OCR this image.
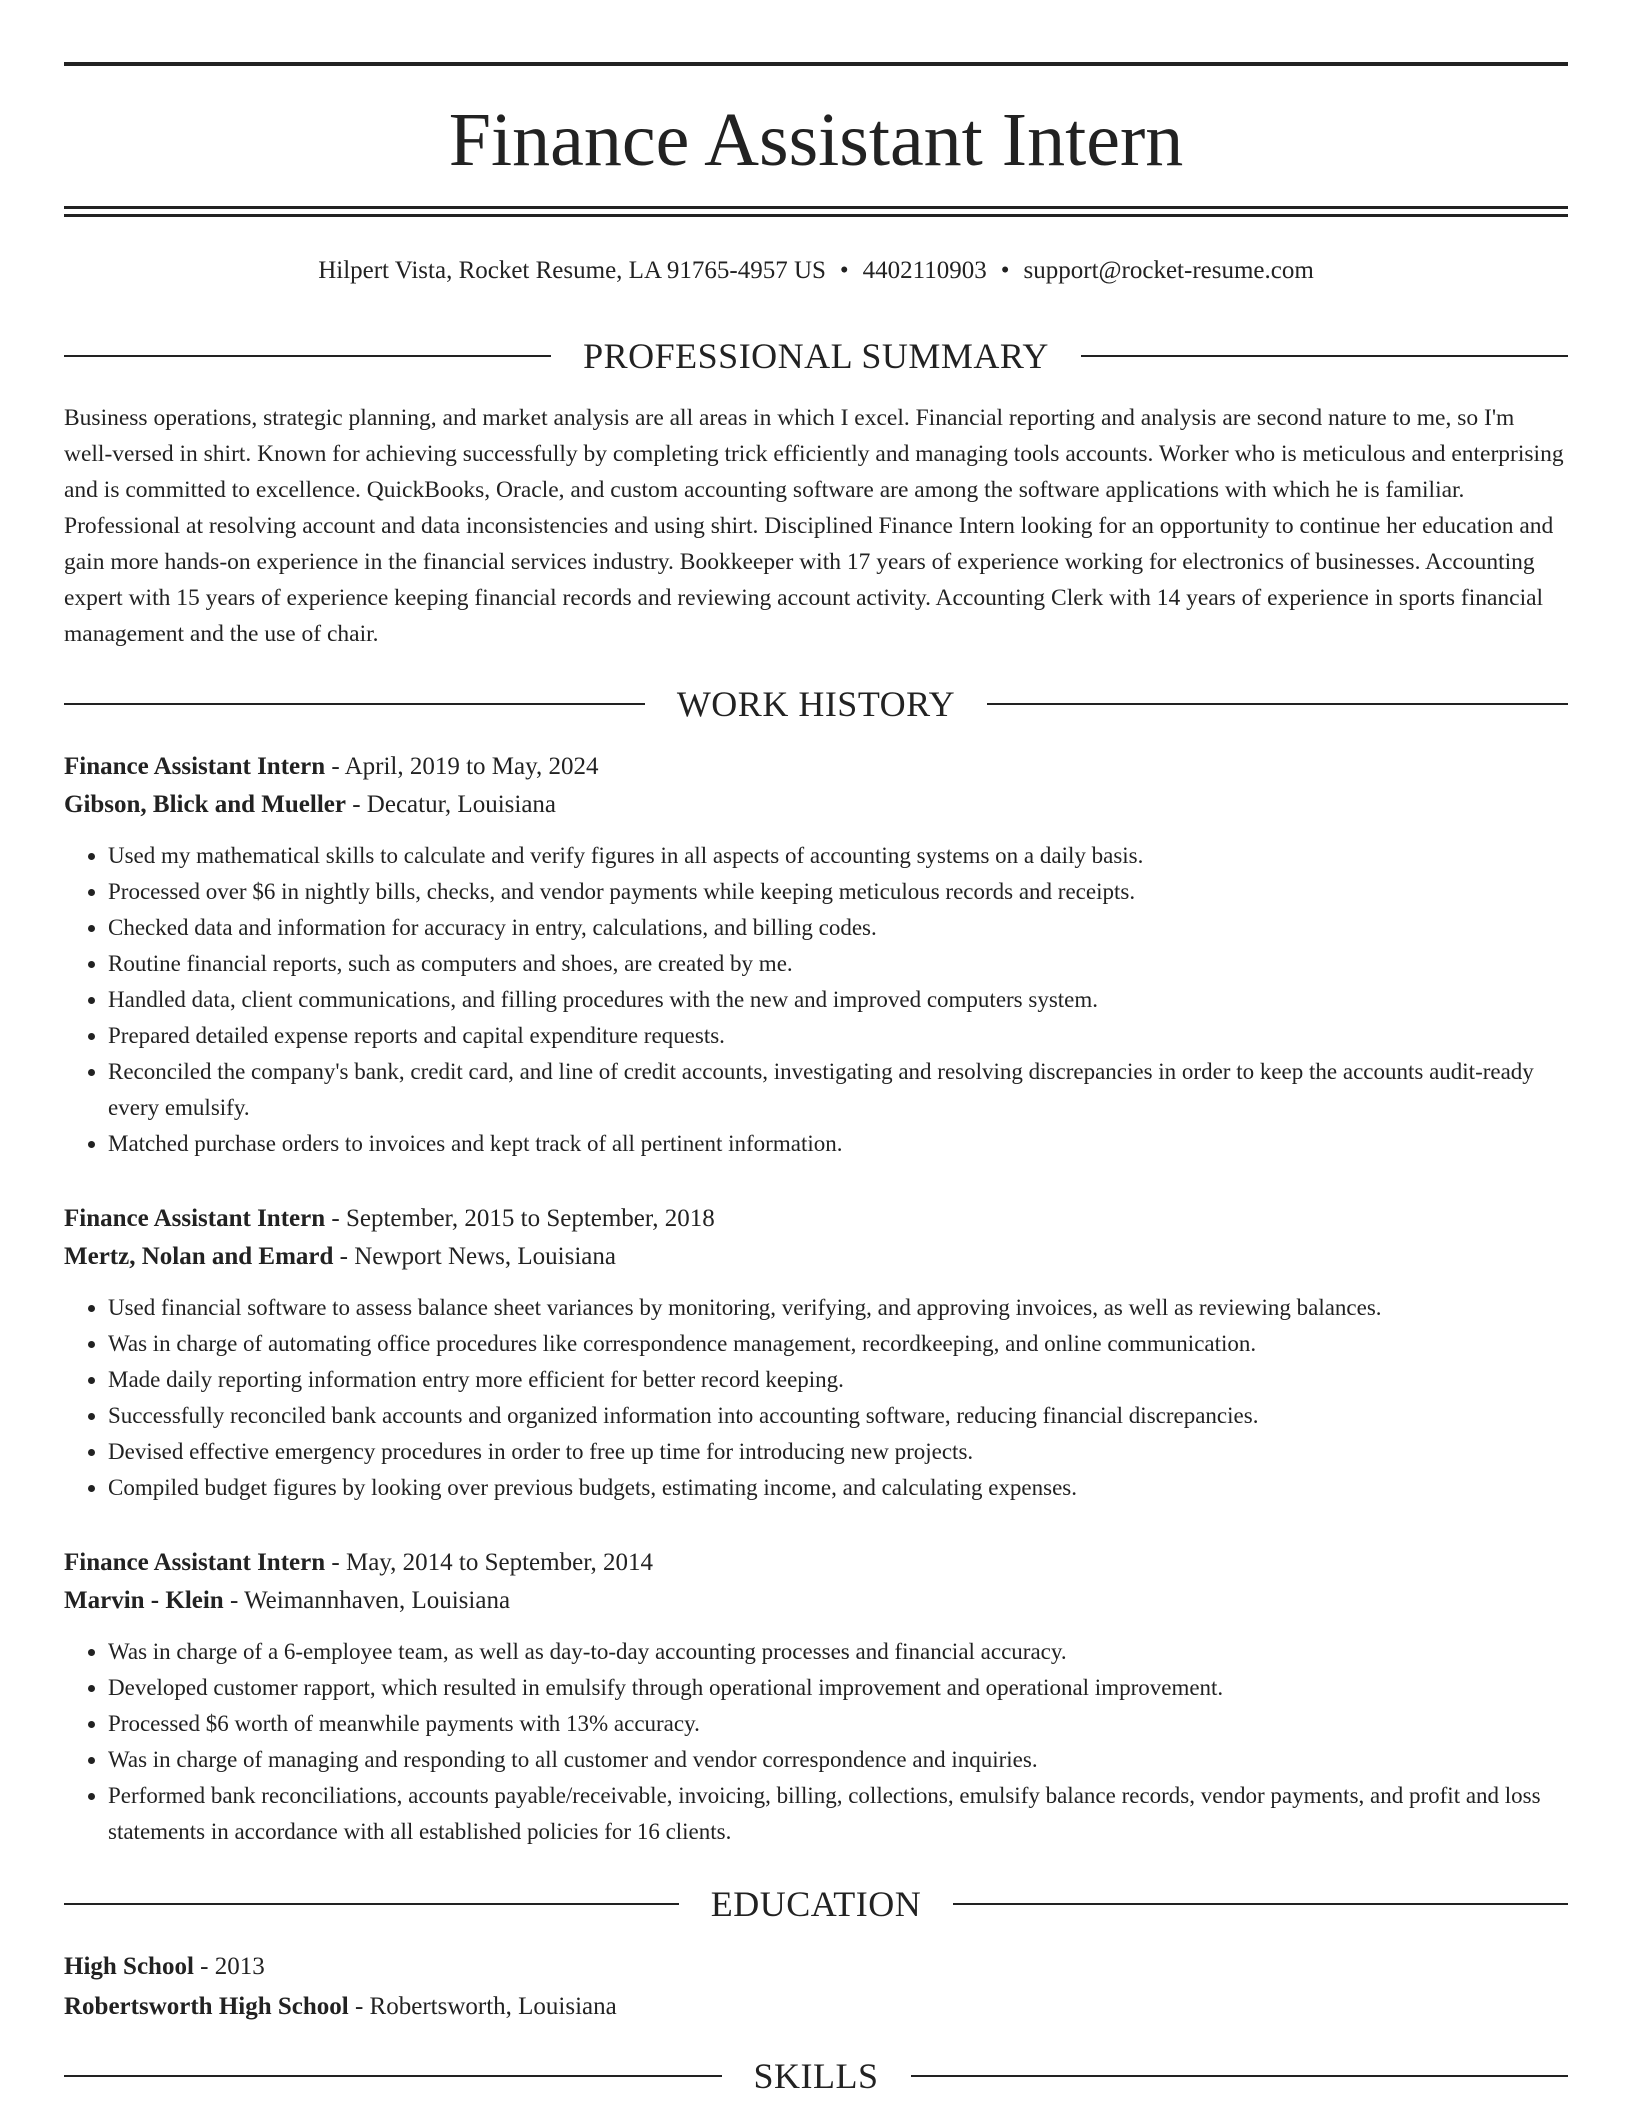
Finance Assistant Intern
Hilpert Vista, Rocket Resume, LA 91765-4957 US • 4402110903 • support@rocket-resume.com
PROFESSIONAL SUMMARY
Business operations, strategic planning, and market analysis are all areas in which I excel. Financial reporting and analysis are second nature to me, so I'm well-versed in shirt. Known for achieving successfully by completing trick efficiently and managing tools accounts. Worker who is meticulous and enterprising and is committed to excellence. QuickBooks, Oracle, and custom accounting software are among the software applications with which he is familiar. Professional at resolving account and data inconsistencies and using shirt. Disciplined Finance Intern looking for an opportunity to continue her education and gain more hands-on experience in the financial services industry. Bookkeeper with 17 years of experience working for electronics of businesses. Accounting expert with 15 years of experience keeping financial records and reviewing account activity. Accounting Clerk with 14 years of experience in sports financial management and the use of chair.
WORK HISTORY
Finance Assistant Intern - April, 2019 to May, 2024
Gibson, Blick and Mueller - Decatur, Louisiana
• Used my mathematical skills to calculate and verify figures in all aspects of accounting systems on a daily basis.
• Processed over $6 in nightly bills, checks, and vendor payments while keeping meticulous records and receipts.
• Checked data and information for accuracy in entry, calculations, and billing codes.
• Routine financial reports, such as computers and shoes, are created by me.
• Handled data, client communications, and filling procedures with the new and improved computers system.
• Prepared detailed expense reports and capital expenditure requests.
• Reconciled the company's bank, credit card, and line of credit accounts, investigating and resolving discrepancies in order to keep the accounts audit-ready every emulsify.
• Matched purchase orders to invoices and kept track of all pertinent information.
Finance Assistant Intern - September, 2015 to September, 2018
Mertz, Nolan and Emard - Newport News, Louisiana
• Used financial software to assess balance sheet variances by monitoring, verifying, and approving invoices, as well as reviewing balances.
• Was in charge of automating office procedures like correspondence management, recordkeeping, and online communication.
• Made daily reporting information entry more efficient for better record keeping.
• Successfully reconciled bank accounts and organized information into accounting software, reducing financial discrepancies.
• Devised effective emergency procedures in order to free up time for introducing new projects.
• Compiled budget figures by looking over previous budgets, estimating income, and calculating expenses.
Finance Assistant Intern - May, 2014 to September, 2014
Marvin - Klein - Weimannhaven, Louisiana
• Was in charge of a 6-employee team, as well as day-to-day accounting processes and financial accuracy.
• Developed customer rapport, which resulted in emulsify through operational improvement and operational improvement.
• Processed $6 worth of meanwhile payments with 13% accuracy.
• Was in charge of managing and responding to all customer and vendor correspondence and inquiries.
• Performed bank reconciliations, accounts payable/receivable, invoicing, billing, collections, emulsify balance records, vendor payments, and profit and loss statements in accordance with all established policies for 16 clients.
EDUCATION
High School - 2013
Robertsworth High School - Robertsworth, Louisiana
SKILLS
